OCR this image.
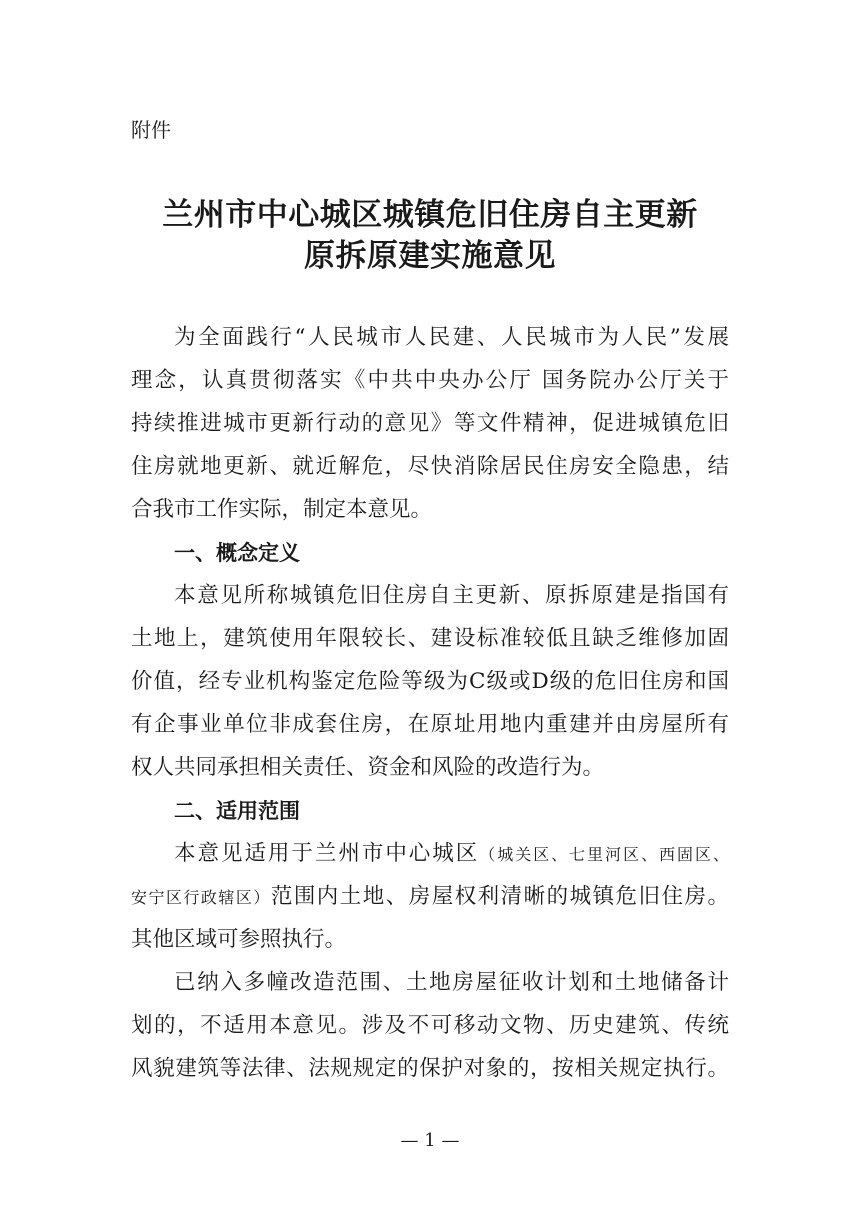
附件
兰州市中心城区城镇危旧住房自主更新
原拆原建实施意见
为全面践行“人民城市人民建、人民城市为人民”发展
理念，认真贯彻落实《中共中央办公厅 国务院办公厅关于
持续推进城市更新行动的意见》等文件精神，促进城镇危旧
住房就地更新、就近解危，尽快消除居民住房安全隐患，结
合我市工作实际，制定本意见。
一、概念定义
本意见所称城镇危旧住房自主更新、原拆原建是指国有
土地上，建筑使用年限较长、建设标准较低且缺乏维修加固
价值，经专业机构鉴定危险等级为C级或D级的危旧住房和国
有企事业单位非成套住房，在原址用地内重建并由房屋所有
权人共同承担相关责任、资金和风险的改造行为。
二、适用范围
本意见适用于兰州市中心城区（城关区、七里河区、西固区、
安宁区行政辖区）范围内土地、房屋权利清晰的城镇危旧住房。
其他区域可参照执行。
已纳入多幢改造范围、土地房屋征收计划和土地储备计
划的，不适用本意见。涉及不可移动文物、历史建筑、传统
风貌建筑等法律、法规规定的保护对象的，按相关规定执行。
— 1 —
